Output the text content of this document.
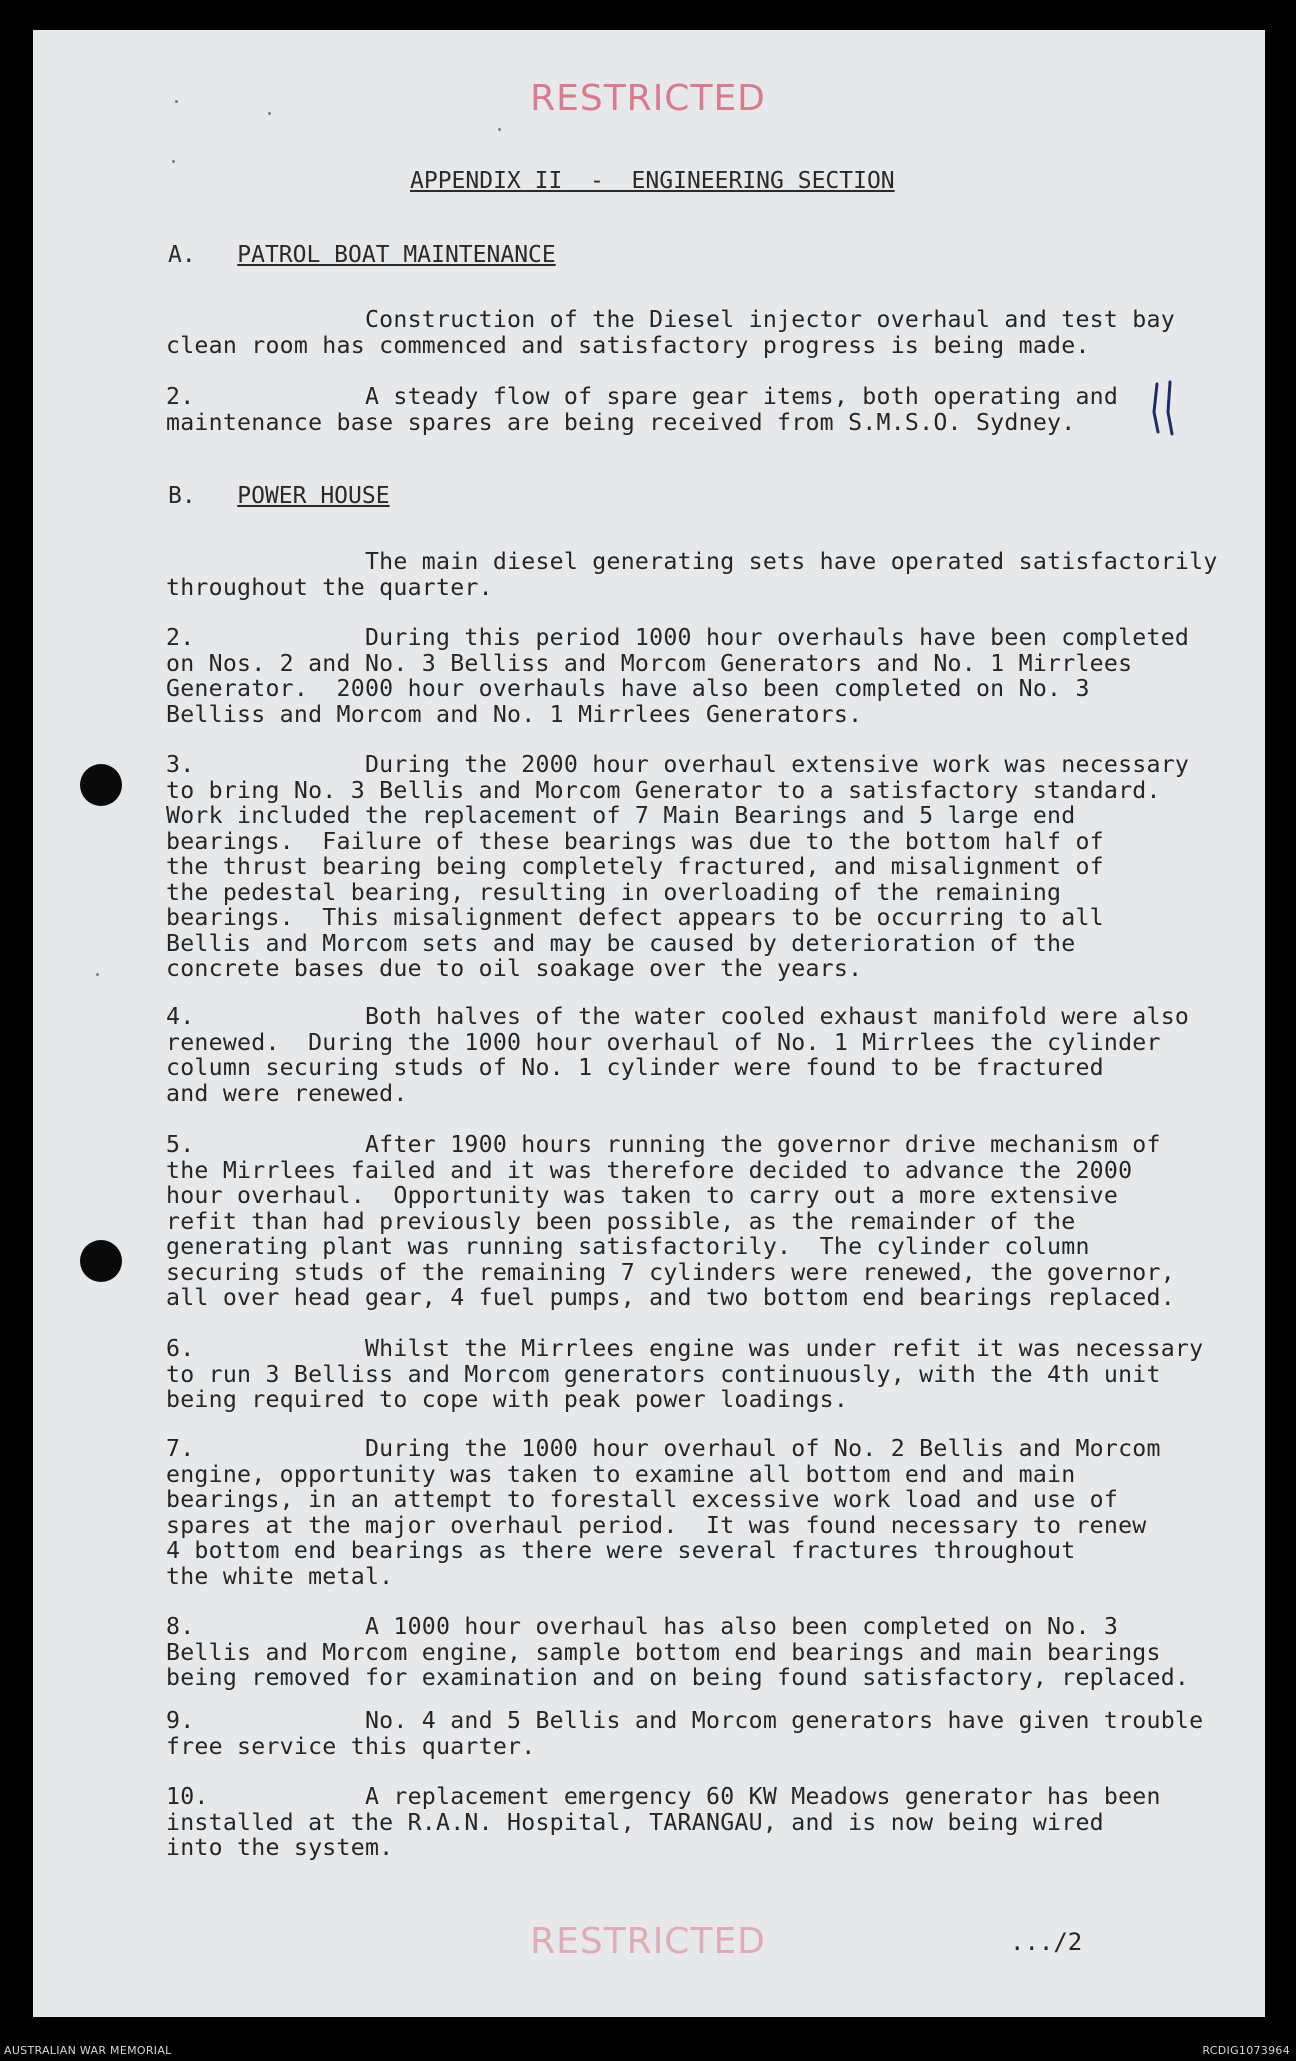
RESTRICTED
APPENDIX II  -  ENGINEERING SECTION
A. PATROL BOAT MAINTENANCE
Construction of the Diesel injector overhaul and test bay
clean room has commenced and satisfactory progress is being made.
2.            A steady flow of spare gear items, both operating and
maintenance base spares are being received from S.M.S.O. Sydney.
B. POWER HOUSE
The main diesel generating sets have operated satisfactorily
throughout the quarter.
2.            During this period 1000 hour overhauls have been completed
on Nos. 2 and No. 3 Belliss and Morcom Generators and No. 1 Mirrlees
Generator.  2000 hour overhauls have also been completed on No. 3
Belliss and Morcom and No. 1 Mirrlees Generators.
3.            During the 2000 hour overhaul extensive work was necessary
to bring No. 3 Bellis and Morcom Generator to a satisfactory standard.
Work included the replacement of 7 Main Bearings and 5 large end
bearings.  Failure of these bearings was due to the bottom half of
the thrust bearing being completely fractured, and misalignment of
the pedestal bearing, resulting in overloading of the remaining
bearings.  This misalignment defect appears to be occurring to all
Bellis and Morcom sets and may be caused by deterioration of the
concrete bases due to oil soakage over the years.
4.            Both halves of the water cooled exhaust manifold were also
renewed.  During the 1000 hour overhaul of No. 1 Mirrlees the cylinder
column securing studs of No. 1 cylinder were found to be fractured
and were renewed.
5.            After 1900 hours running the governor drive mechanism of
the Mirrlees failed and it was therefore decided to advance the 2000
hour overhaul.  Opportunity was taken to carry out a more extensive
refit than had previously been possible, as the remainder of the
generating plant was running satisfactorily.  The cylinder column
securing studs of the remaining 7 cylinders were renewed, the governor,
all over head gear, 4 fuel pumps, and two bottom end bearings replaced.
6.            Whilst the Mirrlees engine was under refit it was necessary
to run 3 Belliss and Morcom generators continuously, with the 4th unit
being required to cope with peak power loadings.
7.            During the 1000 hour overhaul of No. 2 Bellis and Morcom
engine, opportunity was taken to examine all bottom end and main
bearings, in an attempt to forestall excessive work load and use of
spares at the major overhaul period.  It was found necessary to renew
4 bottom end bearings as there were several fractures throughout
the white metal.
8.            A 1000 hour overhaul has also been completed on No. 3
Bellis and Morcom engine, sample bottom end bearings and main bearings
being removed for examination and on being found satisfactory, replaced.
9.            No. 4 and 5 Bellis and Morcom generators have given trouble
free service this quarter.
10.           A replacement emergency 60 KW Meadows generator has been
installed at the R.A.N. Hospital, TARANGAU, and is now being wired
into the system.
RESTRICTED	.../2
AUSTRALIAN WAR MEMORIAL	RCDIG1073964
